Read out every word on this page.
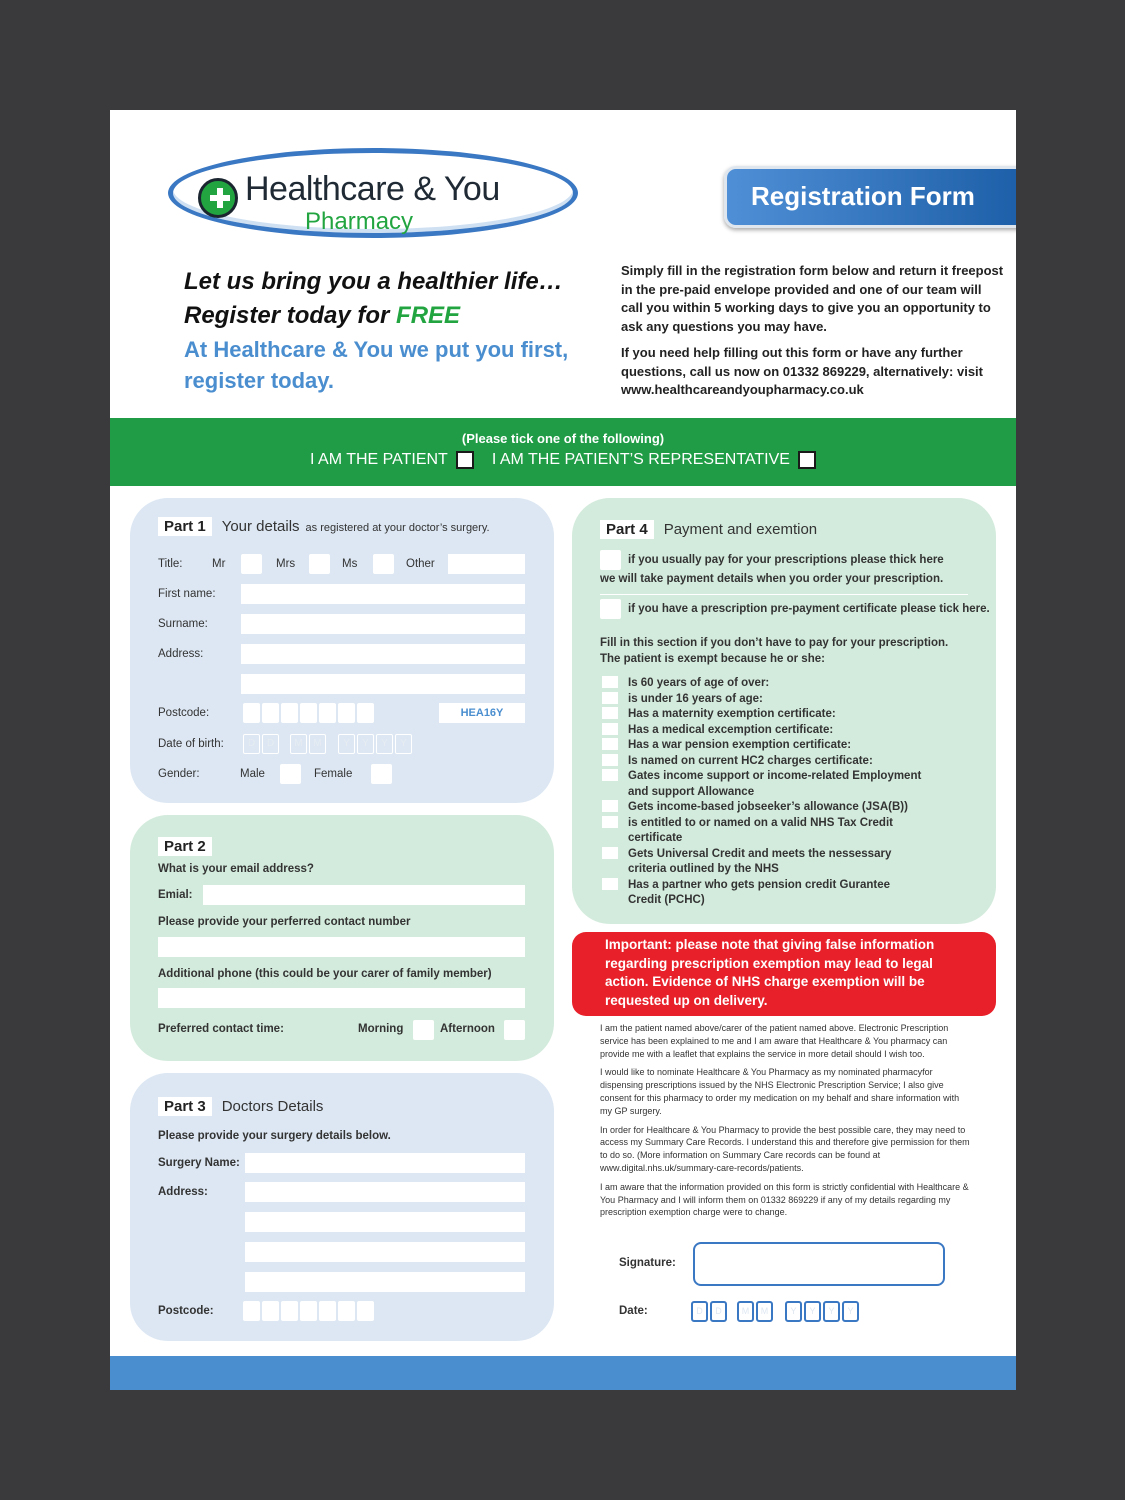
Healthcare & You
Pharmacy
Registration Form
Let us bring you a healthier life…
Register today for FREE
At Healthcare & You we put you first, register today.

Simply fill in the registration form below and return it freepost in the pre-paid envelope provided and one of our team will call you within 5 working days to give you an opportunity to ask any questions you may have.

If you need help filling out this form or have any further questions, call us now on 01332 869229, alternatively: visit www.healthcareandyoupharmacy.co.uk

(Please tick one of the following)
I AM THE PATIENT	I AM THE PATIENT’S REPRESENTATIVE
Part 1 Your details as registered at your doctor’s surgery.
Title:	Mr	Mrs	Ms	Other
First name:
Surname:
Address:
Postcode:	HEA16Y
Date of birth:	D	D	M	M	Y	Y	Y	Y
Gender:	Male	Female
Part 2
What is your email address?
Emial:
Please provide your perferred contact number
Additional phone (this could be your carer of family member)
Preferred contact time:	Morning	Afternoon
Part 3 Doctors Details
Please provide your surgery details below.
Surgery Name:
Address:
Postcode:
Part 4 Payment and exemtion
if you usually pay for your prescriptions please thick here
we will take payment details when you order your prescription.
if you have a prescription pre-payment certificate please tick here.
Fill in this section if you don’t have to pay for your prescription.
The patient is exempt because he or she:
Is 60 years of age of over:
is under 16 years of age:
Has a maternity exemption certificate:
Has a medical excemption certificate:
Has a war pension exemption certificate:
Is named on current HC2 charges certificate:
Gates income support or income-related Employment and support Allowance
Gets income-based jobseeker’s allowance (JSA(B))
is entitled to or named on a valid NHS Tax Credit certificate
Gets Universal Credit and meets the nessessary criteria outlined by the NHS
Has a partner who gets pension credit Gurantee Credit (PCHC)
Important: please note that giving false information regarding prescription exemption may lead to legal action. Evidence of NHS charge exemption will be requested up on delivery.

I am the patient named above/carer of the patient named above. Electronic Prescription service has been explained to me and I am aware that Healthcare & You pharmacy can provide me with a leaflet that explains the service in more detail should I wish too.

I would like to nominate Healthcare & You Pharmacy as my nominated pharmacyfor dispensing prescriptions issued by the NHS Electronic Prescription Service; I also give consent for this pharmacy to order my medication on my behalf and share information with my GP surgery.

In order for Healthcare & You Pharmacy to provide the best possible care, they may need to access my Summary Care Records. I understand this and therefore give permission for them to do so. (More information on Summary Care records can be found at www.digital.nhs.uk/summary-care-records/patients.

I am aware that the information provided on this form is strictly confidential with Healthcare & You Pharmacy and I will inform them on 01332 869229 if any of my details regarding my prescription exemption charge were to change.

Signature:
Date:	D	D	M	M	Y	Y	Y	Y
